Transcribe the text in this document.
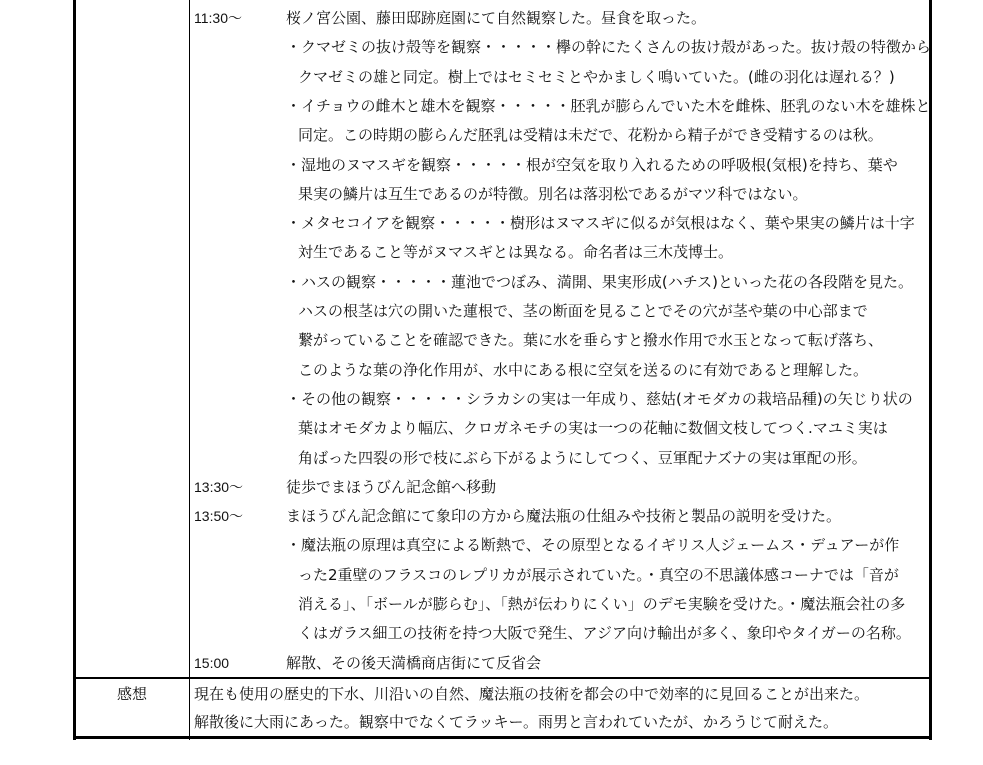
11:30～	桜ノ宮公園、藤田邸跡庭園にて自然観察した。昼食を取った。
・クマゼミの抜け殻等を観察・・・・・欅の幹にたくさんの抜け殻があった。抜け殻の特徴から
クマゼミの雄と同定。樹上ではセミセミとやかましく鳴いていた。(雌の羽化は遅れる？)
・イチョウの雌木と雄木を観察・・・・・胚乳が膨らんでいた木を雌株、胚乳のない木を雄株と
同定。この時期の膨らんだ胚乳は受精は未だで、花粉から精子ができ受精するのは秋。
・湿地のヌマスギを観察・・・・・根が空気を取り入れるための呼吸根(気根)を持ち、葉や
果実の鱗片は互生であるのが特徴。別名は落羽松であるがマツ科ではない。
・メタセコイアを観察・・・・・樹形はヌマスギに似るが気根はなく、葉や果実の鱗片は十字
対生であること等がヌマスギとは異なる。命名者は三木茂博士。
・ハスの観察・・・・・蓮池でつぼみ、満開、果実形成(ハチス)といった花の各段階を見た。
ハスの根茎は穴の開いた蓮根で、茎の断面を見ることでその穴が茎や葉の中心部まで
繋がっていることを確認できた。葉に水を垂らすと撥水作用で水玉となって転げ落ち、
このような葉の浄化作用が、水中にある根に空気を送るのに有効であると理解した。
・その他の観察・・・・・シラカシの実は一年成り、慈姑(オモダカの栽培品種)の矢じり状の
葉はオモダカより幅広、クロガネモチの実は一つの花軸に数個文枝してつく.マユミ実は
角ばった四裂の形で枝にぶら下がるようにしてつく、豆軍配ナズナの実は軍配の形。
13:30～	徒歩でまほうびん記念館へ移動
13:50～	まほうびん記念館にて象印の方から魔法瓶の仕組みや技術と製品の説明を受けた。
・魔法瓶の原理は真空による断熱で、その原型となるイギリス人ジェームス・デュアーが作
った2重壁のフラスコのレプリカが展示されていた。・真空の不思議体感コーナでは「音が
消える」、「ボールが膨らむ」、「熱が伝わりにくい」のデモ実験を受けた。・魔法瓶会社の多
くはガラス細工の技術を持つ大阪で発生、アジア向け輸出が多く、象印やタイガーの名称。
15:00	解散、その後天満橋商店街にて反省会
感想	現在も使用の歴史的下水、川沿いの自然、魔法瓶の技術を都会の中で効率的に見回ることが出来た。
解散後に大雨にあった。観察中でなくてラッキー。雨男と言われていたが、かろうじて耐えた。
